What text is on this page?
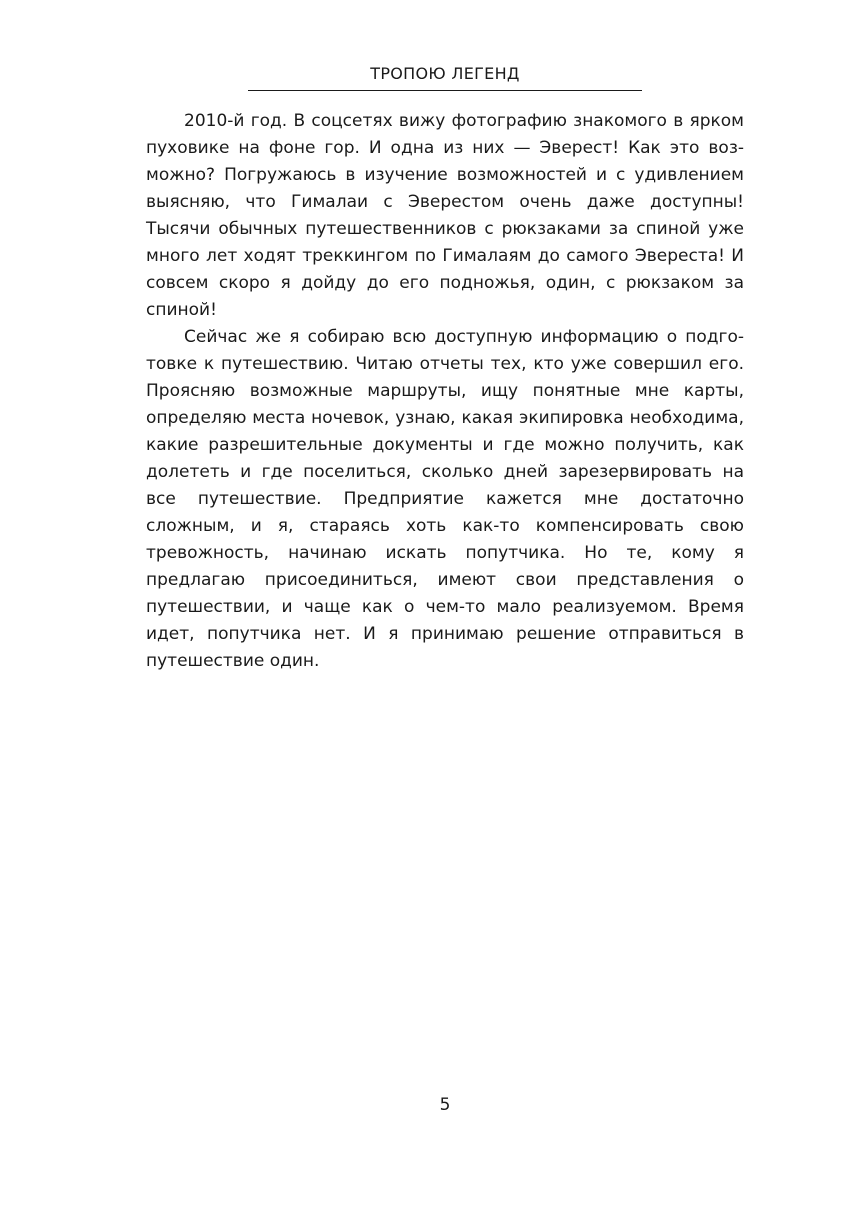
ТРОПОЮ ЛЕГЕНД

2010-й год. В соцсетях вижу фотографию знакомого в ярком пуховике на фоне гор. И одна из них — Эверест! Как это возможно? Погружаюсь в изучение возможностей и с удивлением выясняю, что Гималаи с Эверестом очень даже доступны! Тысячи обычных путешественников с рюкзаками за спиной уже много лет ходят треккингом по Гималаям до самого Эвереста! И совсем скоро я дойду до его подножья, один, с рюкзаком за спиной!

Сейчас же я собираю всю доступную информацию о подготовке к путешествию. Читаю отчеты тех, кто уже совершил его. Проясняю возможные маршруты, ищу понятные мне карты, определяю места ночевок, узнаю, какая экипировка необходима, какие разрешительные документы и где можно получить, как долететь и где поселиться, сколько дней зарезервировать на все путешествие. Предприятие кажется мне достаточно сложным, и я, стараясь хоть как-то компенсировать свою тревожность, начинаю искать попутчика. Но те, кому я предлагаю присоединиться, имеют свои представления о путешествии, и чаще как о чем-то мало реализуемом. Время идет, попутчика нет. И я принимаю решение отправиться в путешествие один.

5
